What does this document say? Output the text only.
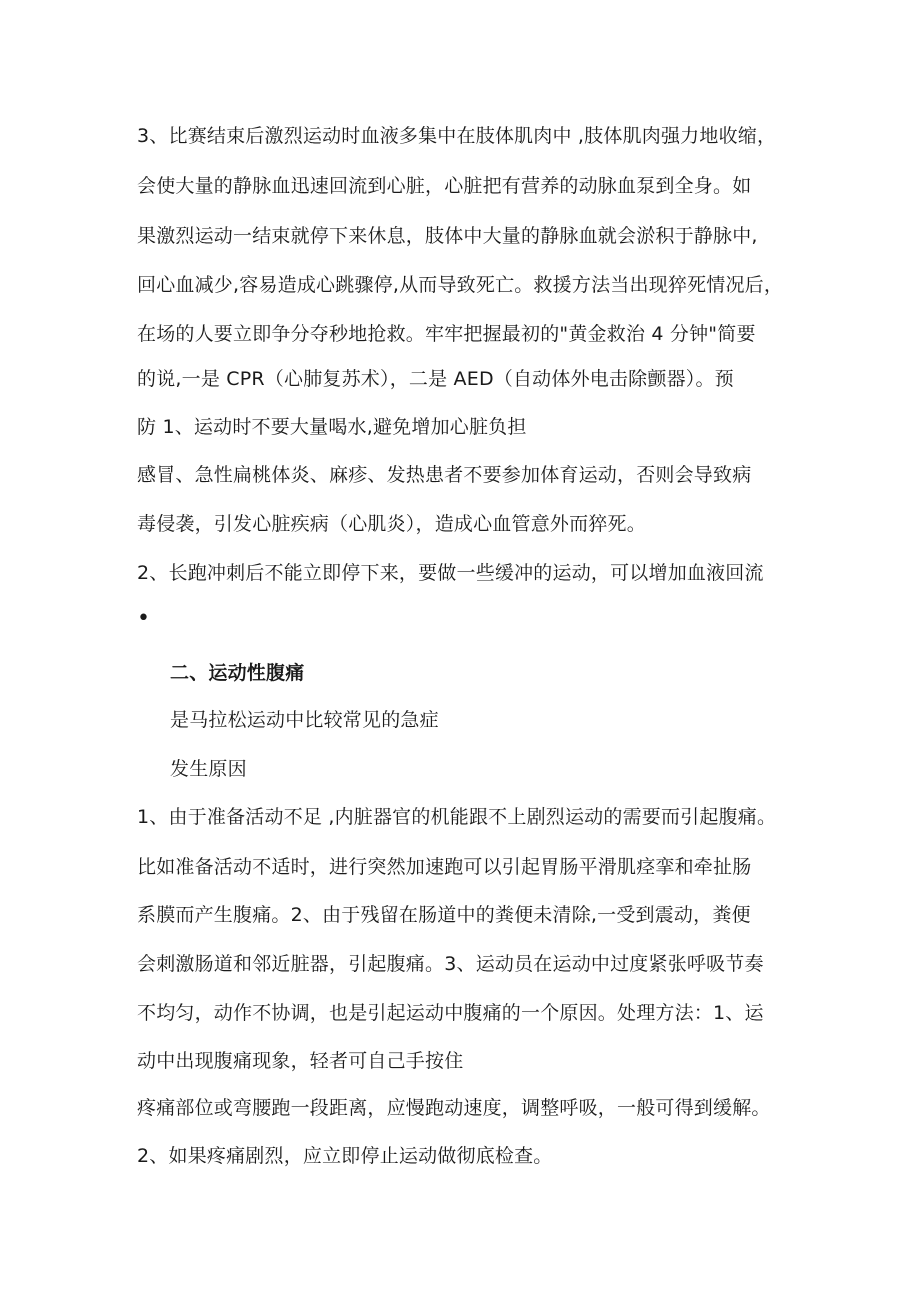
3、比赛结束后激烈运动时血液多集中在肢体肌肉中 ,肢体肌肉强力地收缩，
会使大量的静脉血迅速回流到心脏，心脏把有营养的动脉血泵到全身。如
果激烈运动一结束就停下来休息，肢体中大量的静脉血就会淤积于静脉中,
回心血减少,容易造成心跳骤停,从而导致死亡。救援方法当出现猝死情况后，
在场的人要立即争分夺秒地抢救。牢牢把握最初的"黄金救治 4 分钟"简要
的说,一是 CPR（心肺复苏术），二是 AED（自动体外电击除颤器）。预
防 1、运动时不要大量喝水,避免增加心脏负担
感冒、急性扁桃体炎、麻疹、发热患者不要参加体育运动，否则会导致病
毒侵袭，引发心脏疾病（心肌炎），造成心血管意外而猝死。
2、长跑冲刺后不能立即停下来，要做一些缓冲的运动，可以增加血液回流
•
二、运动性腹痛
是马拉松运动中比较常见的急症
发生原因
1、由于准备活动不足 ,内脏器官的机能跟不上剧烈运动的需要而引起腹痛。
比如准备活动不适时，进行突然加速跑可以引起胃肠平滑肌痉挛和牵扯肠
系膜而产生腹痛。2、由于残留在肠道中的粪便未清除,一受到震动，粪便
会刺激肠道和邻近脏器，引起腹痛。3、运动员在运动中过度紧张呼吸节奏
不均匀，动作不协调，也是引起运动中腹痛的一个原因。处理方法：1、运
动中出现腹痛现象，轻者可自己手按住
疼痛部位或弯腰跑一段距离，应慢跑动速度，调整呼吸，一般可得到缓解。
2、如果疼痛剧烈，应立即停止运动做彻底检查。
